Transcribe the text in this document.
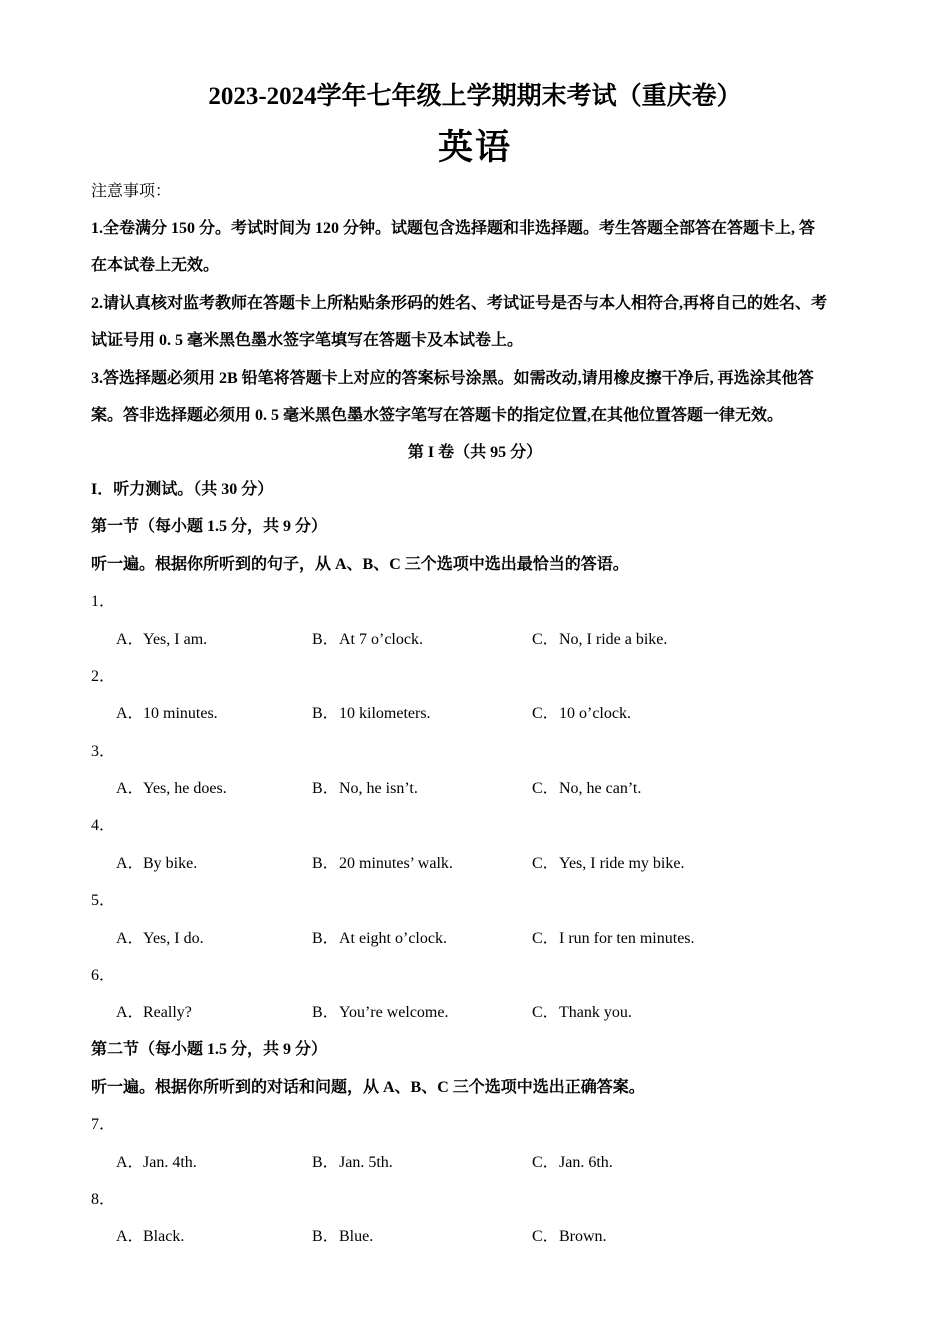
2023-2024学年七年级上学期期末考试（重庆卷）
英语
注意事项：
1.全卷满分 150 分。考试时间为 120 分钟。试题包含选择题和非选择题。考生答题全部答在答题卡上, 答
在本试卷上无效。
2.请认真核对监考教师在答题卡上所粘贴条形码的姓名、考试证号是否与本人相符合,再将自己的姓名、考
试证号用 0. 5 毫米黑色墨水签字笔填写在答题卡及本试卷上。
3.答选择题必须用 2B 铅笔将答题卡上对应的答案标号涂黑。如需改动,请用橡皮擦干净后, 再选涂其他答
案。答非选择题必须用 0. 5 毫米黑色墨水签字笔写在答题卡的指定位置,在其他位置答题一律无效。
第 I 卷（共 95 分）
I．听力测试。（共 30 分）
第一节（每小题 1.5 分，共 9 分）
听一遍。根据你所听到的句子，从 A、B、C 三个选项中选出最恰当的答语。
1．
A．Yes, I am.	B．At 7 o’clock.	C．No, I ride a bike.
2．
A．10 minutes.	B．10 kilometers.	C．10 o’clock.
3．
A．Yes, he does.	B．No, he isn’t.	C．No, he can’t.
4．
A．By bike.	B．20 minutes’ walk.	C．Yes, I ride my bike.
5．
A．Yes, I do.	B．At eight o’clock.	C．I run for ten minutes.
6．
A．Really?	B．You’re welcome.	C．Thank you.
第二节（每小题 1.5 分，共 9 分）
听一遍。根据你所听到的对话和问题，从 A、B、C 三个选项中选出正确答案。
7．
A．Jan. 4th.	B．Jan. 5th.	C．Jan. 6th.
8．
A．Black.	B．Blue.	C．Brown.
